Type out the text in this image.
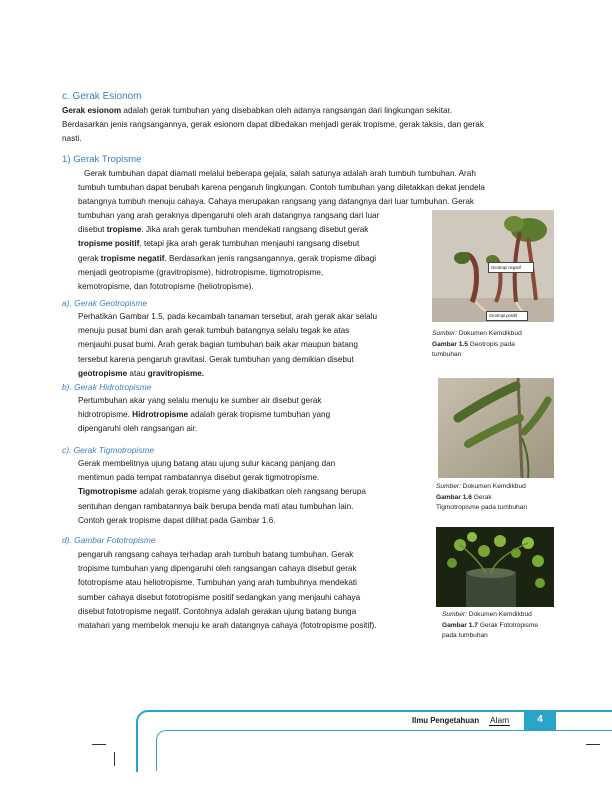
c. Gerak Esionom
Gerak esionom adalah gerak tumbuhan yang disebabkan oleh adanya rangsangan dari lingkungan sekitar.
Berdasarkan jenis rangsangannya, gerak esionom dapat dibedakan menjadi gerak tropisme, gerak taksis, dan gerak
nasti.
1) Gerak Tropisme
Gerak tumbuhan dapat diamati melalui beberapa gejala, salah satunya adalah arah tumbuh tumbuhan. Arah
tumbuh tumbuhan dapat berubah karena pengaruh lingkungan. Contoh tumbuhan yang diletakkan dekat jendela
batangnya tumbuh menuju cahaya. Cahaya merupakan rangsang yang datangnya dari luar tumbuhan. Gerak
tumbuhan yang arah geraknya dipengaruhi oleh arah datangnya rangsang dari luar
disebut tropisme. Jika arah gerak tumbuhan mendekati rangsang disebut gerak
tropisme positif, tetapi jika arah gerak tumbuhan menjauhi rangsang disebut
gerak tropisme negatif. Berdasarkan jenis rangsangannya, gerak tropisme dibagi
menjadi geotropisme (gravitropisme), hidrotropisme, tigmotropisme,
kemotropisme, dan fototropisme (heliotropisme).
a). Gerak Geotropisme
Perhatikan Gambar 1.5, pada kecambah tanaman tersebut, arah gerak akar selalu
menuju pusat bumi dan arah gerak tumbuh batangnya selalu tegak ke atas
menjauhi pusat bumi. Arah gerak bagian tumbuhan baik akar maupun batang
tersebut karena pengaruh gravitasi. Gerak tumbuhan yang demikian disebut
geotropisme atau gravitropisme.
b). Gerak Hidrotropisme
Pertumbuhan akar yang selalu menuju ke sumber air disebut gerak
hidrotropisme. Hidrotropisme adalah gerak tropisme tumbuhan yang
dipengaruhi oleh rangsangan air.
c). Gerak Tigmotropisme
Gerak membelitnya ujung batang atau ujung sulur kacang panjang dan
mentimun pada tempat rambatannya disebut gerak tigmotropisme.
Tigmotropisme adalah gerak tropisme yang diakibatkan oleh rangsang berupa
sentuhan dengan rambatannya baik berupa benda mati atau tumbuhan lain.
Contoh gerak tropisme dapat dilihat pada Gambar 1.6.
d). Gambar Fototropisme
pengaruh rangsang cahaya terhadap arah tumbuh batang tumbuhan. Gerak
tropisme tumbuhan yang dipengaruhi oleh rangsangan cahaya disebut gerak
fototropisme atau heliotropisme. Tumbuhan yang arah tumbuhnya mendekati
sumber cahaya disebut fototropisme positif sedangkan yang menjauhi cahaya
disebut fototropisme negatif. Contohnya adalah gerakan ujung batang bunga
matahari yang membelok menuju ke arah datangnya cahaya (fototropisme positif).
Geotropi negatif
Geotropi positif
Sumber: Dokumen Kemdikbud
Gambar 1.5 Geotropis pada
tumbuhan
Sumber: Dokumen Kemdikbud
Gambar 1.6 Gerak
Tigmotropisme pada tumbuhan
Sumber: Dokumen Kemdikbud
Gambar 1.7 Gerak Fototropisme
pada tumbuhan
Ilmu Pengetahuan Alam	4
